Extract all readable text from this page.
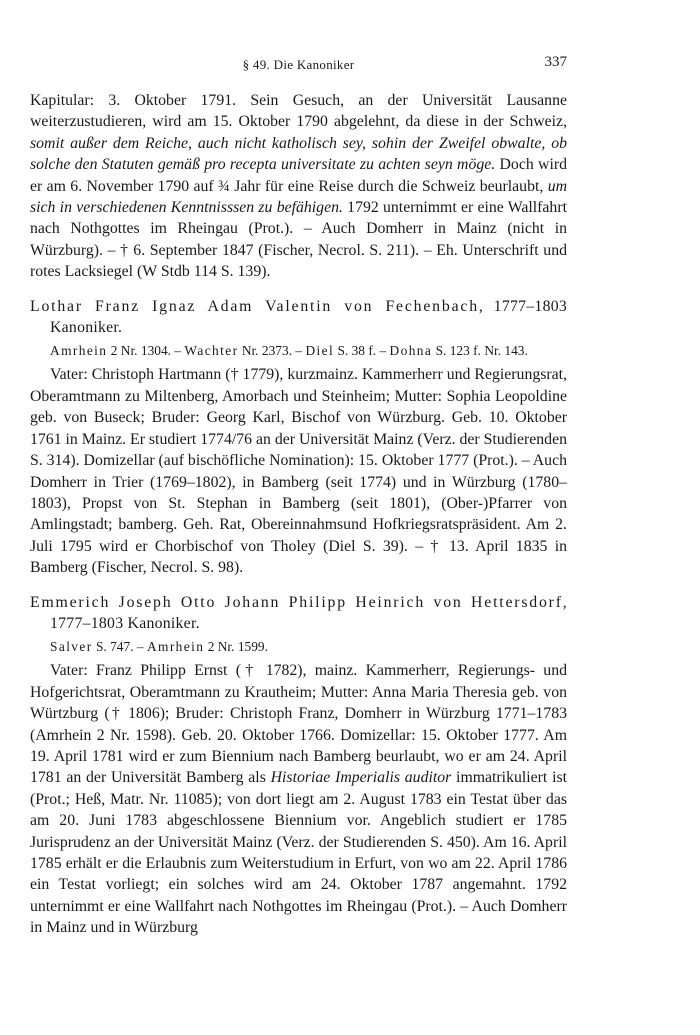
§ 49. Die Kanoniker	337

Kapitular: 3. Oktober 1791. Sein Gesuch, an der Universität Lausanne weiterzustudieren, wird am 15. Oktober 1790 abgelehnt, da diese in der Schweiz, somit außer dem Reiche, auch nicht katholisch sey, sohin der Zweifel obwalte, ob solche den Statuten gemäß pro recepta universitate zu achten seyn möge. Doch wird er am 6. November 1790 auf ¾ Jahr für eine Reise durch die Schweiz beurlaubt, um sich in verschiedenen Kenntnisssen zu befähigen. 1792 unternimmt er eine Wallfahrt nach Nothgottes im Rheingau (Prot.). – Auch Domherr in Mainz (nicht in Würzburg). – † 6. September 1847 (Fischer, Necrol. S. 211). – Eh. Unterschrift und rotes Lacksiegel (W Stdb 114 S. 139).

Lothar Franz Ignaz Adam Valentin von Fechenbach, 1777–1803 Kanoniker.

Amrhein 2 Nr. 1304. – Wachter Nr. 2373. – Diel S. 38 f. – Dohna S. 123 f. Nr. 143.

Vater: Christoph Hartmann († 1779), kurzmainz. Kammerherr und Regierungsrat, Oberamtmann zu Miltenberg, Amorbach und Steinheim; Mutter: Sophia Leopoldine geb. von Buseck; Bruder: Georg Karl, Bischof von Würzburg. Geb. 10. Oktober 1761 in Mainz. Er studiert 1774/76 an der Universität Mainz (Verz. der Studierenden S. 314). Domizellar (auf bischöfliche Nomination): 15. Oktober 1777 (Prot.). – Auch Domherr in Trier (1769–1802), in Bamberg (seit 1774) und in Würzburg (1780–1803), Propst von St. Stephan in Bamberg (seit 1801), (Ober-)Pfarrer von Amlingstadt; bamberg. Geh. Rat, Obereinnahmsund Hofkriegsratspräsident. Am 2. Juli 1795 wird er Chorbischof von Tholey (Diel S. 39). – † 13. April 1835 in Bamberg (Fischer, Necrol. S. 98).

Emmerich Joseph Otto Johann Philipp Heinrich von Hettersdorf, 1777–1803 Kanoniker.

Salver S. 747. – Amrhein 2 Nr. 1599.

Vater: Franz Philipp Ernst († 1782), mainz. Kammerherr, Regierungs- und Hofgerichtsrat, Oberamtmann zu Krautheim; Mutter: Anna Maria Theresia geb. von Würtzburg († 1806); Bruder: Christoph Franz, Domherr in Würzburg 1771–1783 (Amrhein 2 Nr. 1598). Geb. 20. Oktober 1766. Domizellar: 15. Oktober 1777. Am 19. April 1781 wird er zum Biennium nach Bamberg beurlaubt, wo er am 24. April 1781 an der Universität Bamberg als Historiae Imperialis auditor immatrikuliert ist (Prot.; Heß, Matr. Nr. 11085); von dort liegt am 2. August 1783 ein Testat über das am 20. Juni 1783 abgeschlossene Biennium vor. Angeblich studiert er 1785 Jurisprudenz an der Universität Mainz (Verz. der Studierenden S. 450). Am 16. April 1785 erhält er die Erlaubnis zum Weiterstudium in Erfurt, von wo am 22. April 1786 ein Testat vorliegt; ein solches wird am 24. Oktober 1787 angemahnt. 1792 unternimmt er eine Wallfahrt nach Nothgottes im Rheingau (Prot.). – Auch Domherr in Mainz und in Würzburg
